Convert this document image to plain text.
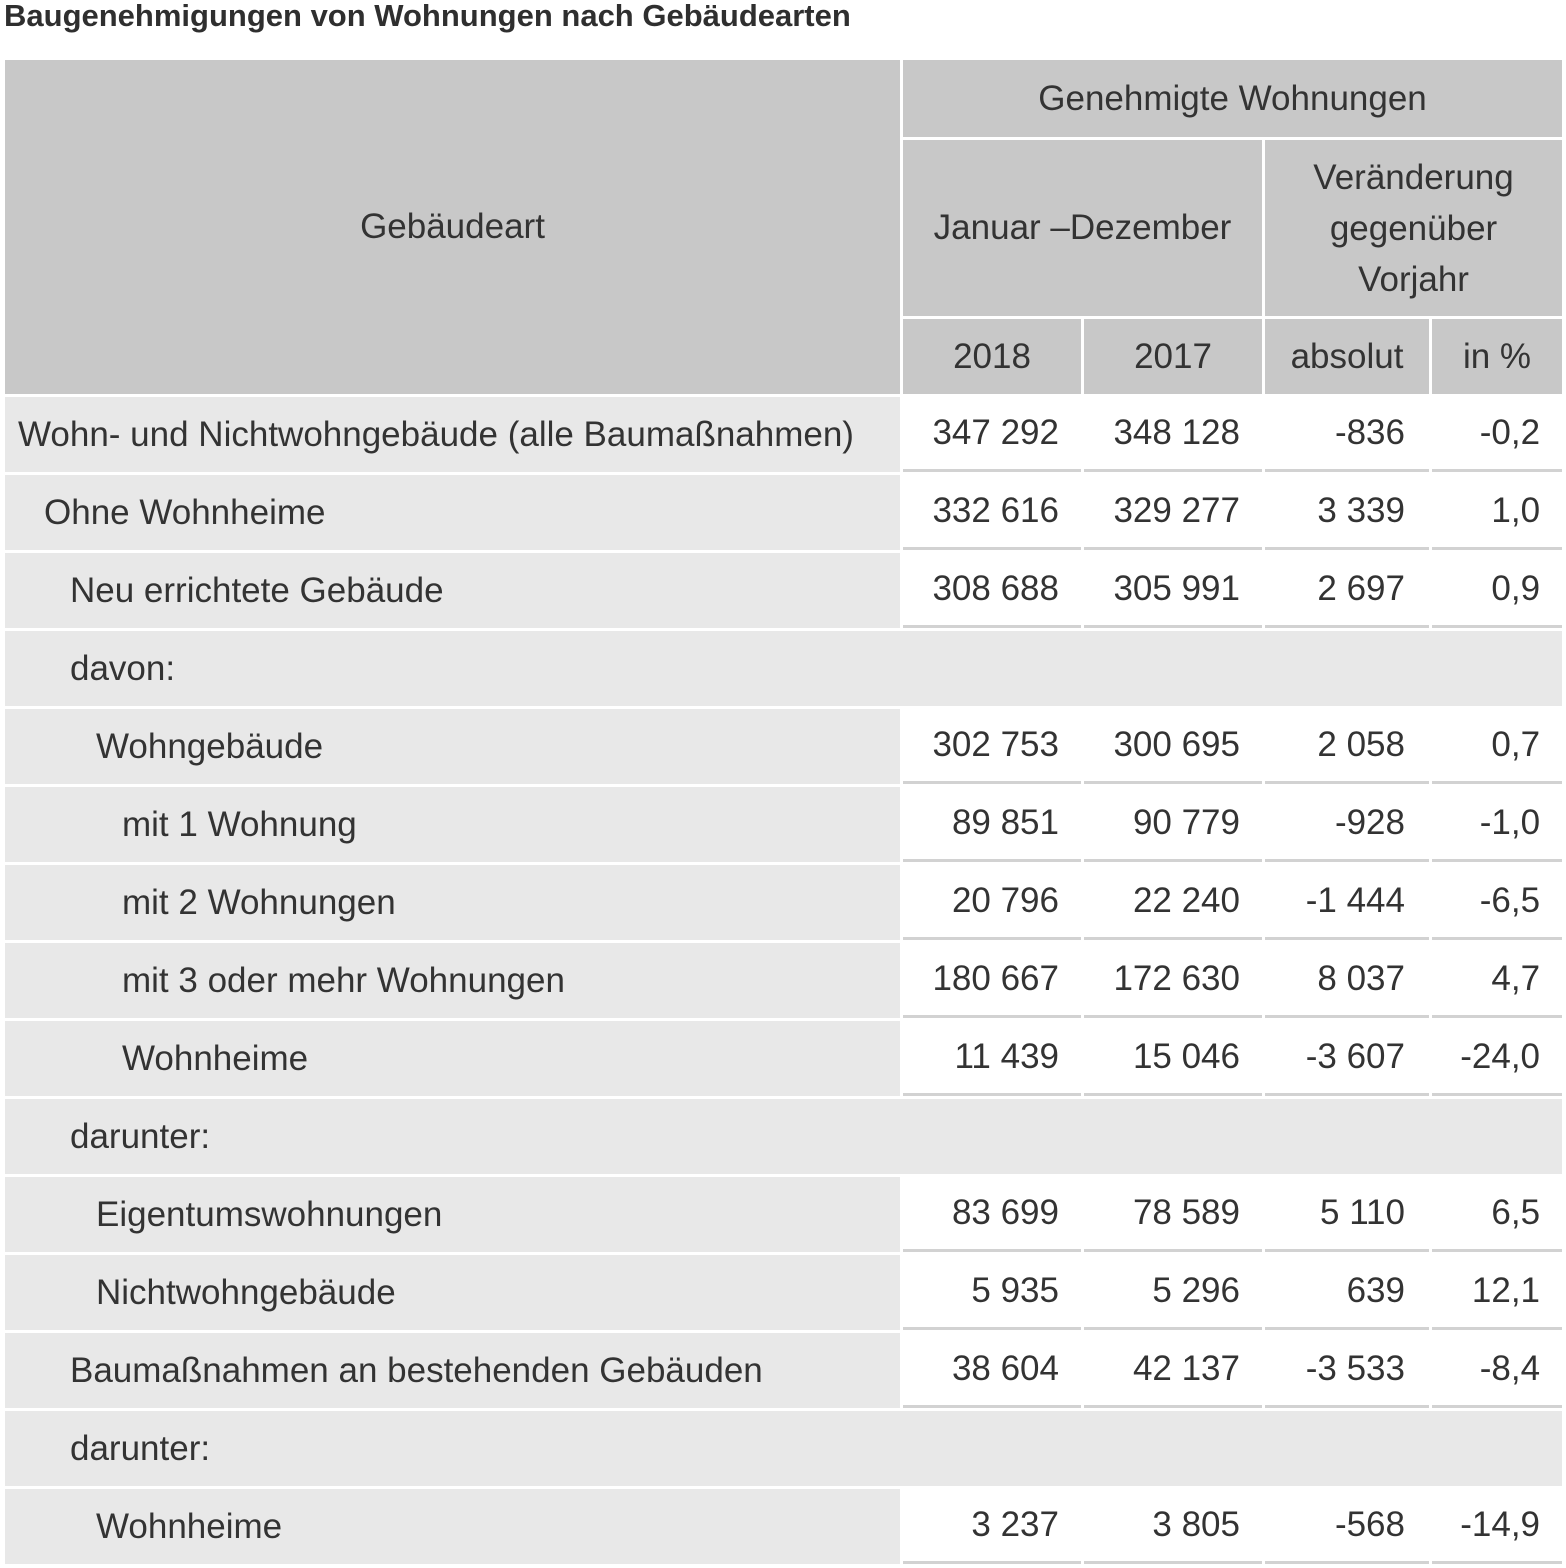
Baugenehmigungen von Wohnungen nach Gebäudearten
Gebäudeart	Genehmigte Wohnungen			
	Januar –Dezember		Veränderung
gegenüber
Vorjahr	

	2018	2017	absolut	in %
Wohn- und Nichtwohngebäude (alle Baumaßnahmen)	347 292	348 128	-836	-0,2
Ohne Wohnheime	332 616	329 277	3 339	1,0
Neu errichtete Gebäude	308 688	305 991	2 697	0,9
davon:				
Wohngebäude	302 753	300 695	2 058	0,7
mit 1 Wohnung	89 851	90 779	-928	-1,0
mit 2 Wohnungen	20 796	22 240	-1 444	-6,5
mit 3 oder mehr Wohnungen	180 667	172 630	8 037	4,7
Wohnheime	11 439	15 046	-3 607	-24,0
darunter:				
Eigentumswohnungen	83 699	78 589	5 110	6,5
Nichtwohngebäude	5 935	5 296	639	12,1
Baumaßnahmen an bestehenden Gebäuden	38 604	42 137	-3 533	-8,4
darunter:				
Wohnheime	3 237	3 805	-568	-14,9
